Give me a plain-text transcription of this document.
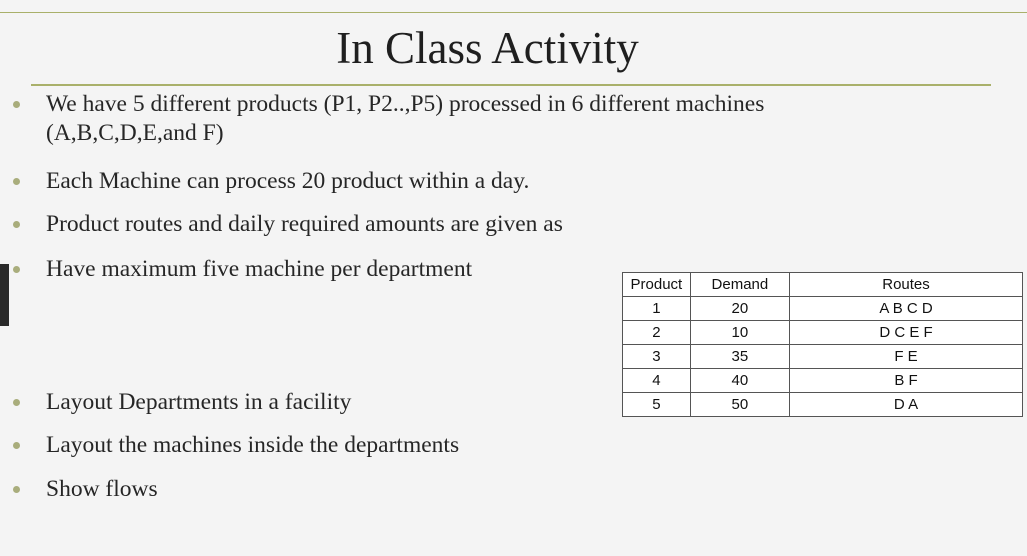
In Class Activity
We have 5 different products (P1, P2..,P5) processed in 6 different machines
(A,B,C,D,E,and F)
Each Machine can process 20 product within a day.
Product routes and daily required amounts are given as
Have maximum five machine per department
Layout Departments in a facility
Layout the machines inside the departments
Show flows
Product	Demand	Routes
1	20	A B C D
2	10	D C E F
3	35	F E
4	40	B F
5	50	D A
